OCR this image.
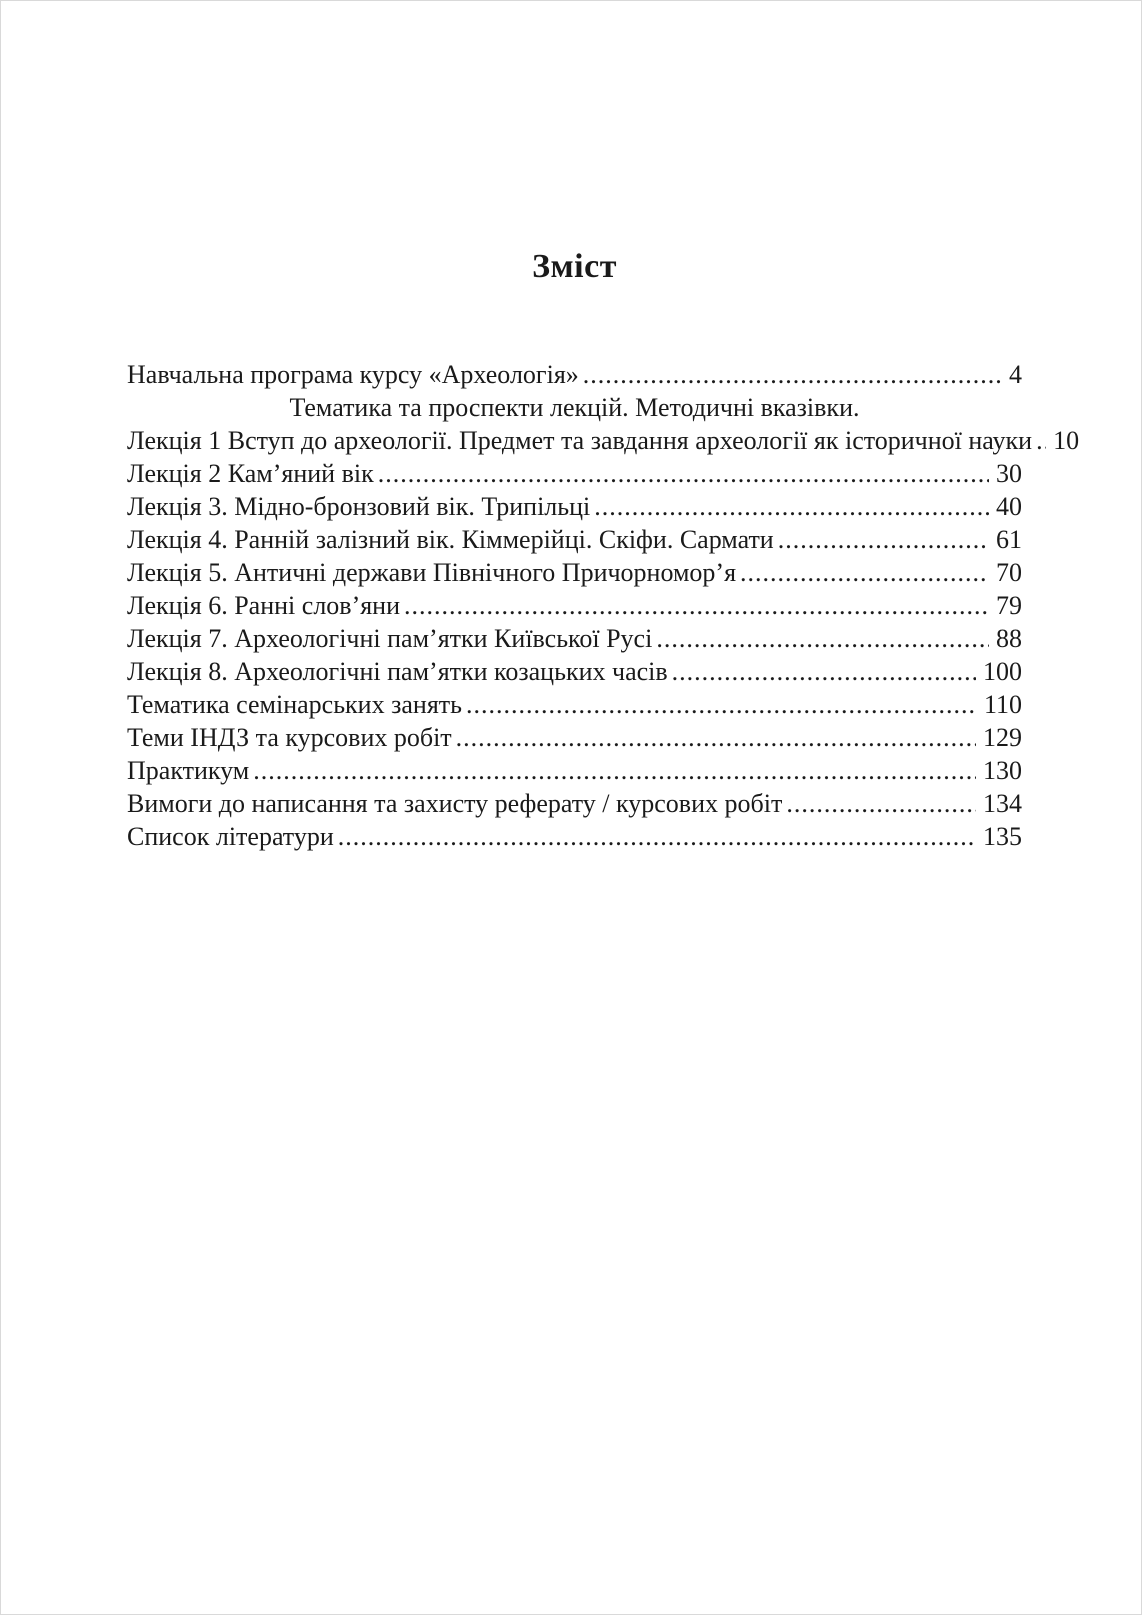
Зміст
Навчальна програма курсу «Археологія» .....	4
Тематика та проспекти лекцій. Методичні вказівки.
Лекція 1 Вступ до археології. Предмет та завдання археології як історичної науки ..... 10
Лекція 2 Кам’яний вік .....	30
Лекція 3. Мідно-бронзовий вік. Трипільці .....	40
Лекція 4. Ранній залізний вік. Кіммерійці. Скіфи. Сармати .....	61
Лекція 5. Античні держави Північного Причорномор’я .....	70
Лекція 6. Ранні слов’яни .....	79
Лекція 7. Археологічні пам’ятки Київської Русі .....	88
Лекція 8. Археологічні пам’ятки козацьких часів .....	100
Тематика семінарських занять .....	110
Теми ІНДЗ та курсових робіт .....	129
Практикум .....	130
Вимоги до написання та захисту реферату / курсових робіт .....	134
Список літератури .....	135
